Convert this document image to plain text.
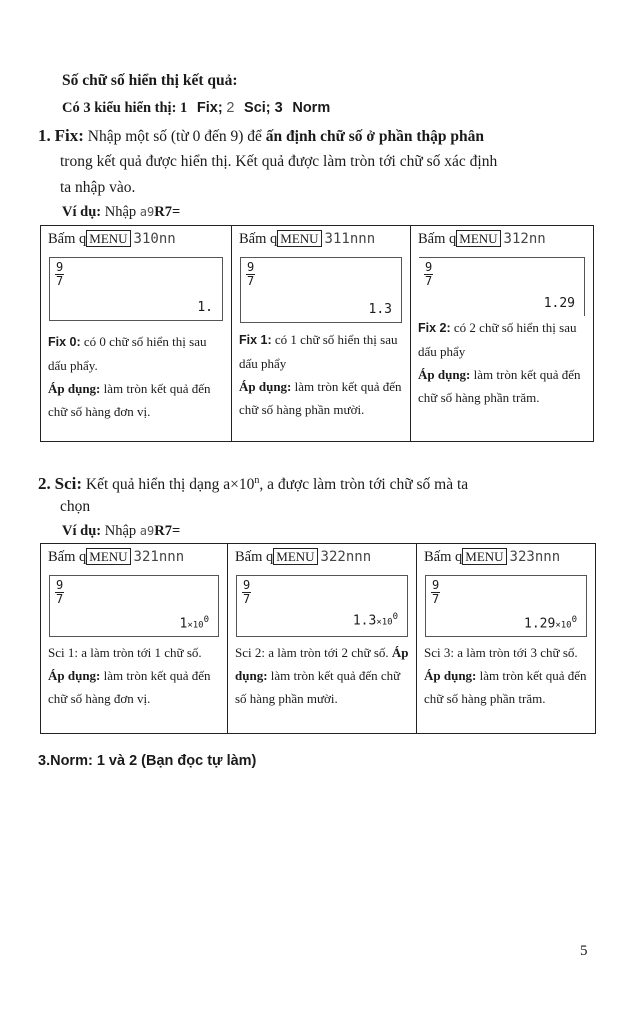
Số chữ số hiển thị kết quả:
Có 3 kiểu hiển thị: 1 Fix; 2 Sci; 3 Norm
1. Fix: Nhập một số (từ 0 đến 9) để ấn định chữ số ở phần thập phân
trong kết quả được hiển thị. Kết quả được làm tròn tới chữ số xác định
ta nhập vào.
Ví dụ: Nhập a9R7=
Bấm q MENU 310nn
$\frac{9}{7}$
1.
Fix 0: có 0 chữ số hiển thị sau dấu phẩy.
Áp dụng: làm tròn kết quả đến chữ số hàng đơn vị.

Bấm q MENU 311nnn
$\frac{9}{7}$
1.3
Fix 1: có 1 chữ số hiển thị sau dấu phẩy
Áp dụng: làm tròn kết quả đến chữ số hàng phần mười.

Bấm q MENU 312nn
$\frac{9}{7}$
1.29
Fix 2: có 2 chữ số hiển thị sau dấu phẩy
Áp dụng: làm tròn kết quả đến chữ số hàng phần trăm.
2. Sci: Kết quả hiển thị dạng $a\times 10^n$, a được làm tròn tới chữ số mà ta
chọn
Ví dụ: Nhập a9R7=
Bấm q MENU 321nnn
$\frac{9}{7}$
$1\times 10^0$
Sci 1: a làm tròn tới 1 chữ số. Áp dụng: làm tròn kết quả đến chữ số hàng đơn vị.

Bấm q MENU 322nnn
$\frac{9}{7}$
$1.3\times 10^0$
Sci 2: a làm tròn tới 2 chữ số. Áp dụng: làm tròn kết quả đến chữ số hàng phần mười.

Bấm q MENU 323nnn
$\frac{9}{7}$
$1.29\times 10^0$
Sci 3: a làm tròn tới 3 chữ số. Áp dụng: làm tròn kết quả đến chữ số hàng phần trăm.
3.Norm: 1 và 2 (Bạn đọc tự làm)
5
